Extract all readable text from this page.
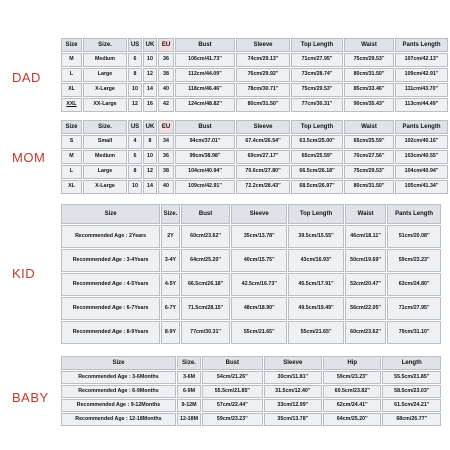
DAD
MOM
KID
BABY
Size	Size.	US	UK	EU	Bust	Sleeve	Top Length	Waist	Pants Length
M	Medium	6	10	36	106cm/41.73''	74cm/29.13''	71cm/27.95''	75cm/29.53''	107cm/42.13''
L	Large	8	12	38	112cm/44.09''	76cm/29.92''	73cm/28.74''	80cm/31.50''	109cm/42.91''
XL	X-Large	10	14	40	118cm/46.46''	78cm/30.71''	75cm/29.53''	85cm/33.46''	111cm/43.70''
XXL	XX-Large	12	16	42	124cm/48.82''	80cm/31.50''	77cm/30.31''	90cm/35.43''	113cm/44.49''
Size	Size.	US	UK	EU	Bust	Sleeve	Top Length	Waist	Pants Length
S	Small	4	8	34	94cm/37.01''	67.4cm/26.54''	63.5cm/25.00''	65cm/25.59''	102cm/40.16''
M	Medium	6	10	36	99cm/38.98''	69cm/27.17''	65cm/25.59''	70cm/27.56''	103cm/40.55''
L	Large	8	12	38	104cm/40.94''	70.6cm/27.80''	66.5cm/26.18''	75cm/29.53''	104cm/40.94''
XL	X-Large	10	14	40	109cm/42.91''	72.2cm/28.43''	68.5cm/26.97''	80cm/31.50''	105cm/41.34''
Size	Size.	Bust	Sleeve	Top Length	Waist	Pants Length
Recommended Age : 2Years	2Y	60cm/23.62''	35cm/13.78''	39.5cm/15.55''	46cm/18.11''	51cm/20.08''
Recommended Age : 3-4Years	3-4Y	64cm/25.20''	40cm/15.75''	43cm/16.93''	50cm/19.69''	59cm/23.23''
Recommended Age : 4-5Years	4-5Y	66.5cm/26.18''	42.5cm/16.73''	45.5cm/17.91''	52cm/20.47''	63cm/24.80''
Recommended Age : 6-7Years	6-7Y	71.5cm/28.15''	48cm/18.90''	49.5cm/19.49''	56cm/22.05''	71cm/27.95''
Recommended Age : 8-9Years	8-9Y	77cm/30.31''	55cm/21.65''	55cm/21.65''	60cm/23.62''	79cm/31.10''
Size	Size.	Bust	Sleeve	Hip	Length
Recommended Age : 3-6Months	3-6M	54cm/21.26''	30cm/11.81''	59cm/23.23''	55.5cm/21.85''
Recommended Age : 6-9Months	6-9M	55.5cm/21.85''	31.5cm/12.40''	60.5cm/23.82''	58.5cm/23.03''
Recommended Age : 9-12Months	9-12M	57cm/22.44''	33cm/12.99''	62cm/24.41''	61.5cm/24.21''
Recommended Age : 12-18Months	12-18M	59cm/23.23''	35cm/13.78''	64cm/25.20''	68cm/26.77''
